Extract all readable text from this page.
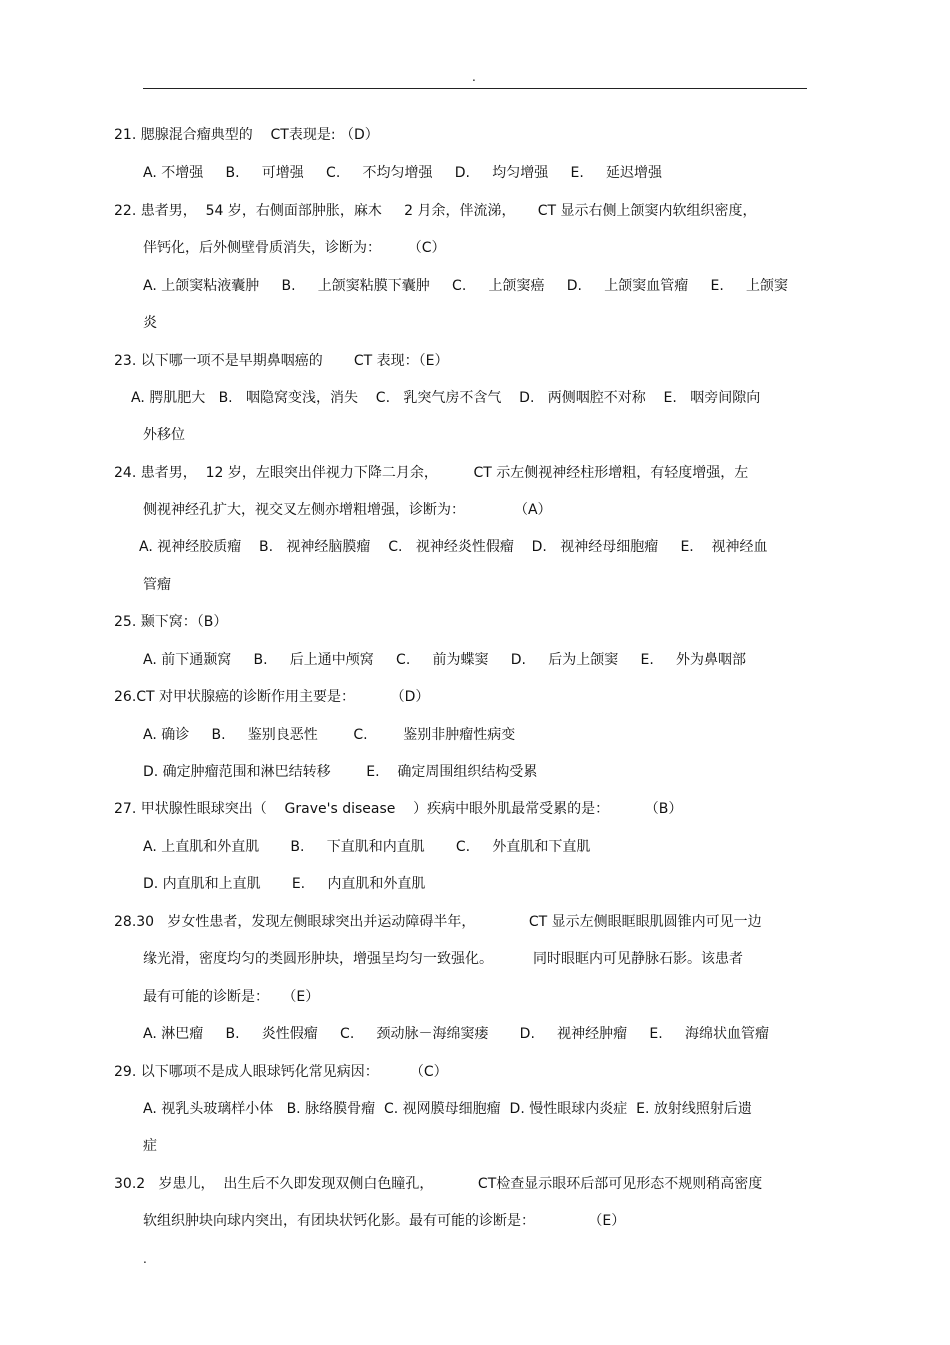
.
21. 腮腺混合瘤典型的    CT表现是: （D）
A. 不增强     B.     可增强     C.     不均匀增强     D.     均匀增强     E.     延迟增强
22. 患者男，  54 岁，右侧面部肿胀，麻木     2 月余，伴流涕，     CT 显示右侧上颌窦内软组织密度，
伴钙化，后外侧壁骨质消失，诊断为：      （C）
A. 上颌窦粘液囊肿     B.     上颌窦粘膜下囊肿     C.     上颌窦癌     D.     上颌窦血管瘤     E.     上颌窦
炎
23. 以下哪一项不是早期鼻咽癌的       CT 表现：（E）
A. 腭肌肥大   B.   咽隐窝变浅，消失    C.   乳突气房不含气    D.   两侧咽腔不对称    E.   咽旁间隙向
外移位
24. 患者男，  12 岁，左眼突出伴视力下降二月余，        CT 示左侧视神经柱形增粗，有轻度增强，左
侧视神经孔扩大，视交叉左侧亦增粗增强，诊断为：           （A）
A. 视神经胶质瘤    B.   视神经脑膜瘤    C.   视神经炎性假瘤    D.   视神经母细胞瘤     E.    视神经血
管瘤
25. 颞下窝：（B）
A. 前下通颞窝     B.     后上通中颅窝     C.     前为蝶窦     D.     后为上颌窦     E.     外为鼻咽部
26.CT 对甲状腺癌的诊断作用主要是：        （D）
A. 确诊     B.     鉴别良恶性        C.        鉴别非肿瘤性病变
D. 确定肿瘤范围和淋巴结转移        E.    确定周围组织结构受累
27. 甲状腺性眼球突出（    Grave's disease    ）疾病中眼外肌最常受累的是：        （B）
A. 上直肌和外直肌       B.     下直肌和内直肌       C.     外直肌和下直肌
D. 内直肌和上直肌       E.     内直肌和外直肌
28.30   岁女性患者，发现左侧眼球突出并运动障碍半年，            CT 显示左侧眼眶眼肌圆锥内可见一边
缘光滑，密度均匀的类圆形肿块，增强呈均匀一致强化。         同时眼眶内可见静脉石影。该患者
最有可能的诊断是：   （E）
A. 淋巴瘤     B.     炎性假瘤     C.     颈动脉－海绵窦瘘       D.     视神经肿瘤     E.     海绵状血管瘤
29. 以下哪项不是成人眼球钙化常见病因：       （C）
A. 视乳头玻璃样小体   B. 脉络膜骨瘤  C. 视网膜母细胞瘤  D. 慢性眼球内炎症  E. 放射线照射后遗
症
30.2   岁患儿，  出生后不久即发现双侧白色瞳孔，          CT检查显示眼环后部可见形态不规则稍高密度
软组织肿块向球内突出，有团块状钙化影。最有可能的诊断是：            （E）
.
